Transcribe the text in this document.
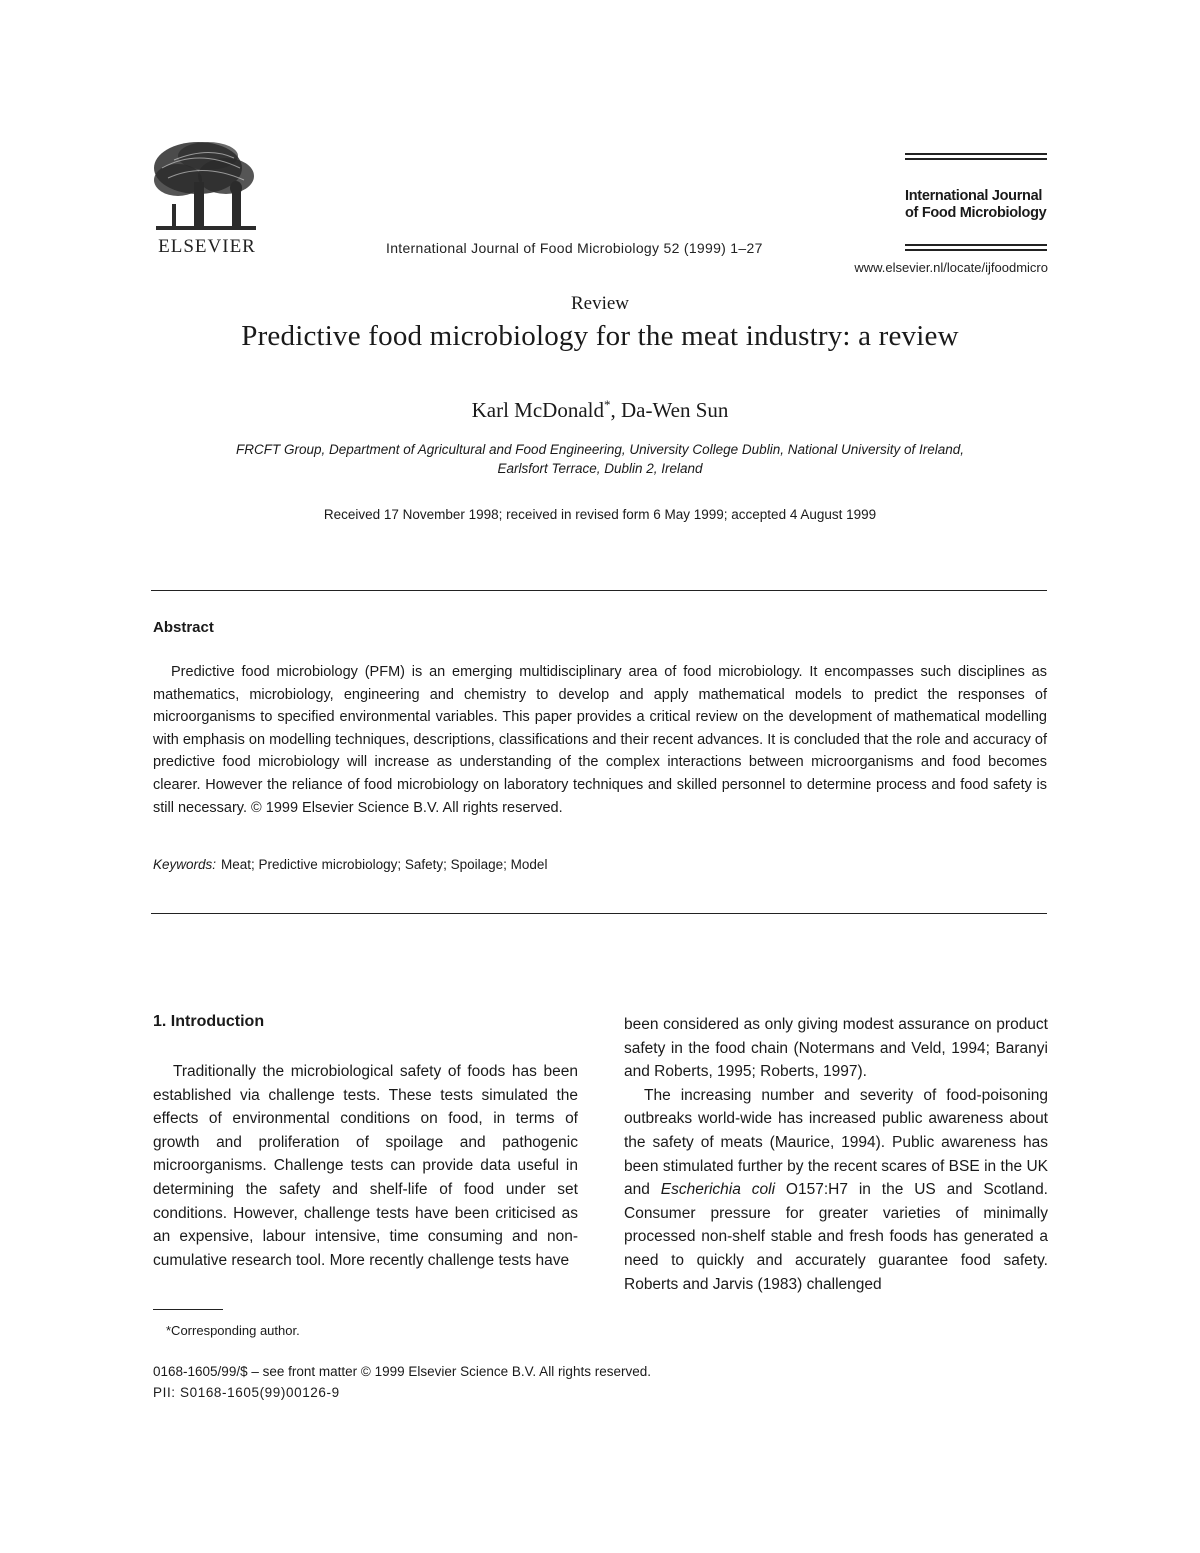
ELSEVIER	International Journal of Food Microbiology 52 (1999) 1–27
International Journal
of Food Microbiology
www.elsevier.nl/locate/ijfoodmicro
Review
Predictive food microbiology for the meat industry: a review
Karl McDonald*, Da-Wen Sun
FRCFT Group, Department of Agricultural and Food Engineering, University College Dublin, National University of Ireland,
Earlsfort Terrace, Dublin 2, Ireland
Received 17 November 1998; received in revised form 6 May 1999; accepted 4 August 1999
Abstract
Predictive food microbiology (PFM) is an emerging multidisciplinary area of food microbiology. It encompasses such disciplines as mathematics, microbiology, engineering and chemistry to develop and apply mathematical models to predict the responses of microorganisms to specified environmental variables. This paper provides a critical review on the development of mathematical modelling with emphasis on modelling techniques, descriptions, classifications and their recent advances. It is concluded that the role and accuracy of predictive food microbiology will increase as understanding of the complex interactions between microorganisms and food becomes clearer. However the reliance of food microbiology on laboratory techniques and skilled personnel to determine process and food safety is still necessary. © 1999 Elsevier Science B.V. All rights reserved.
Keywords: Meat; Predictive microbiology; Safety; Spoilage; Model
1. Introduction
Traditionally the microbiological safety of foods has been established via challenge tests. These tests simulated the effects of environmental conditions on food, in terms of growth and proliferation of spoilage and pathogenic microorganisms. Challenge tests can provide data useful in determining the safety and shelf-life of food under set conditions. However, challenge tests have been criticised as an expensive, labour intensive, time consuming and non-cumulative research tool. More recently challenge tests have

been considered as only giving modest assurance on product safety in the food chain (Notermans and Veld, 1994; Baranyi and Roberts, 1995; Roberts, 1997).

The increasing number and severity of food-poisoning outbreaks world-wide has increased public awareness about the safety of meats (Maurice, 1994). Public awareness has been stimulated further by the recent scares of BSE in the UK and Escherichia coli O157:H7 in the US and Scotland. Consumer pressure for greater varieties of minimally processed non-shelf stable and fresh foods has generated a need to quickly and accurately guarantee food safety. Roberts and Jarvis (1983) challenged

*Corresponding author.
0168-1605/99/$ – see front matter © 1999 Elsevier Science B.V. All rights reserved.
PII: S0168-1605(99)00126-9
